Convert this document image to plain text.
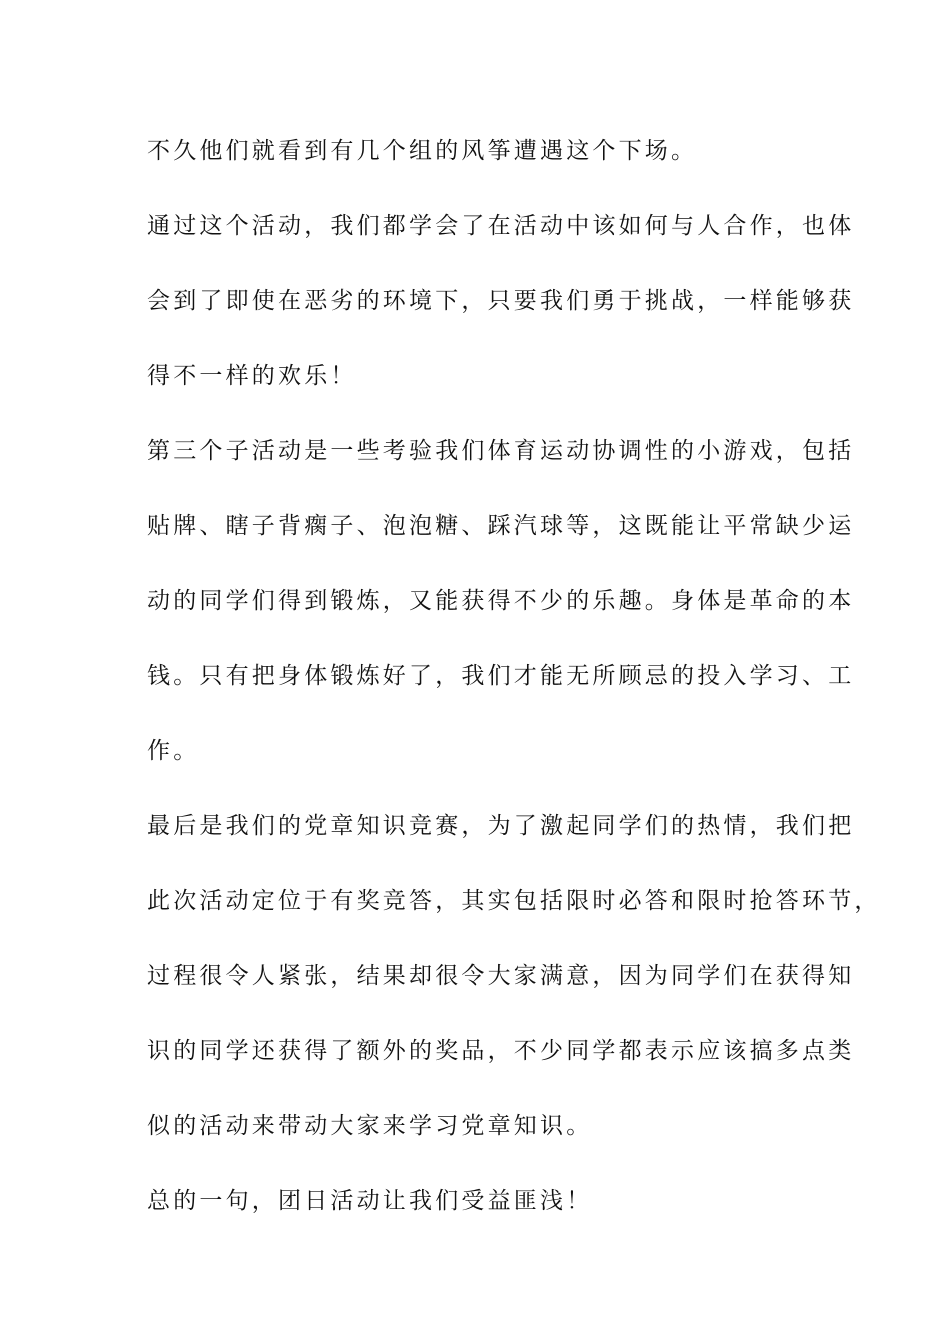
不久他们就看到有几个组的风筝遭遇这个下场。
通过这个活动，我们都学会了在活动中该如何与人合作，也体
会到了即使在恶劣的环境下，只要我们勇于挑战，一样能够获
得不一样的欢乐！
第三个子活动是一些考验我们体育运动协调性的小游戏，包括
贴牌、瞎子背瘸子、泡泡糖、踩汽球等，这既能让平常缺少运
动的同学们得到锻炼，又能获得不少的乐趣。身体是革命的本
钱。只有把身体锻炼好了，我们才能无所顾忌的投入学习、工
作。
最后是我们的党章知识竞赛，为了激起同学们的热情，我们把
此次活动定位于有奖竞答，其实包括限时必答和限时抢答环节，
过程很令人紧张，结果却很令大家满意，因为同学们在获得知
识的同学还获得了额外的奖品，不少同学都表示应该搞多点类
似的活动来带动大家来学习党章知识。
总的一句，团日活动让我们受益匪浅！
